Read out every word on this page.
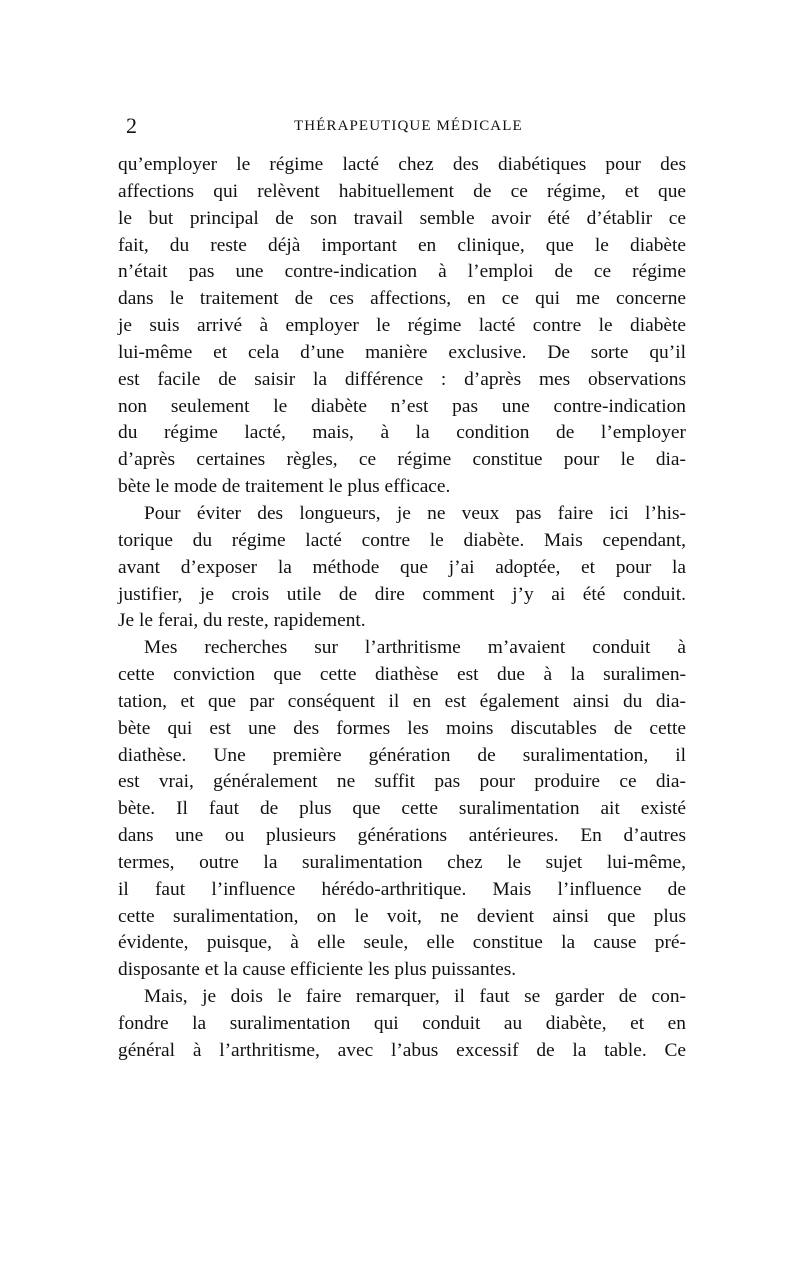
2	THÉRAPEUTIQUE MÉDICALE
qu’employer le régime lacté chez des diabétiques pour des
affections qui relèvent habituellement de ce régime, et que
le but principal de son travail semble avoir été d’établir ce
fait, du reste déjà important en clinique, que le diabète
n’était pas une contre-indication à l’emploi de ce régime
dans le traitement de ces affections, en ce qui me concerne
je suis arrivé à employer le régime lacté contre le diabète
lui-même et cela d’une manière exclusive. De sorte qu’il
est facile de saisir la différence : d’après mes observations
non seulement le diabète n’est pas une contre-indication
du régime lacté, mais, à la condition de l’employer
d’après certaines règles, ce régime constitue pour le dia-
bète le mode de traitement le plus efficace.
Pour éviter des longueurs, je ne veux pas faire ici l’his-
torique du régime lacté contre le diabète. Mais cependant,
avant d’exposer la méthode que j’ai adoptée, et pour la
justifier, je crois utile de dire comment j’y ai été conduit.
Je le ferai, du reste, rapidement.
Mes recherches sur l’arthritisme m’avaient conduit à
cette conviction que cette diathèse est due à la suralimen-
tation, et que par conséquent il en est également ainsi du dia-
bète qui est une des formes les moins discutables de cette
diathèse. Une première génération de suralimentation, il
est vrai, généralement ne suffit pas pour produire ce dia-
bète. Il faut de plus que cette suralimentation ait existé
dans une ou plusieurs générations antérieures. En d’autres
termes, outre la suralimentation chez le sujet lui-même,
il faut l’influence hérédo-arthritique. Mais l’influence de
cette suralimentation, on le voit, ne devient ainsi que plus
évidente, puisque, à elle seule, elle constitue la cause pré-
disposante et la cause efficiente les plus puissantes.
Mais, je dois le faire remarquer, il faut se garder de con-
fondre la suralimentation qui conduit au diabète, et en
général à l’arthritisme, avec l’abus excessif de la table. Ce
